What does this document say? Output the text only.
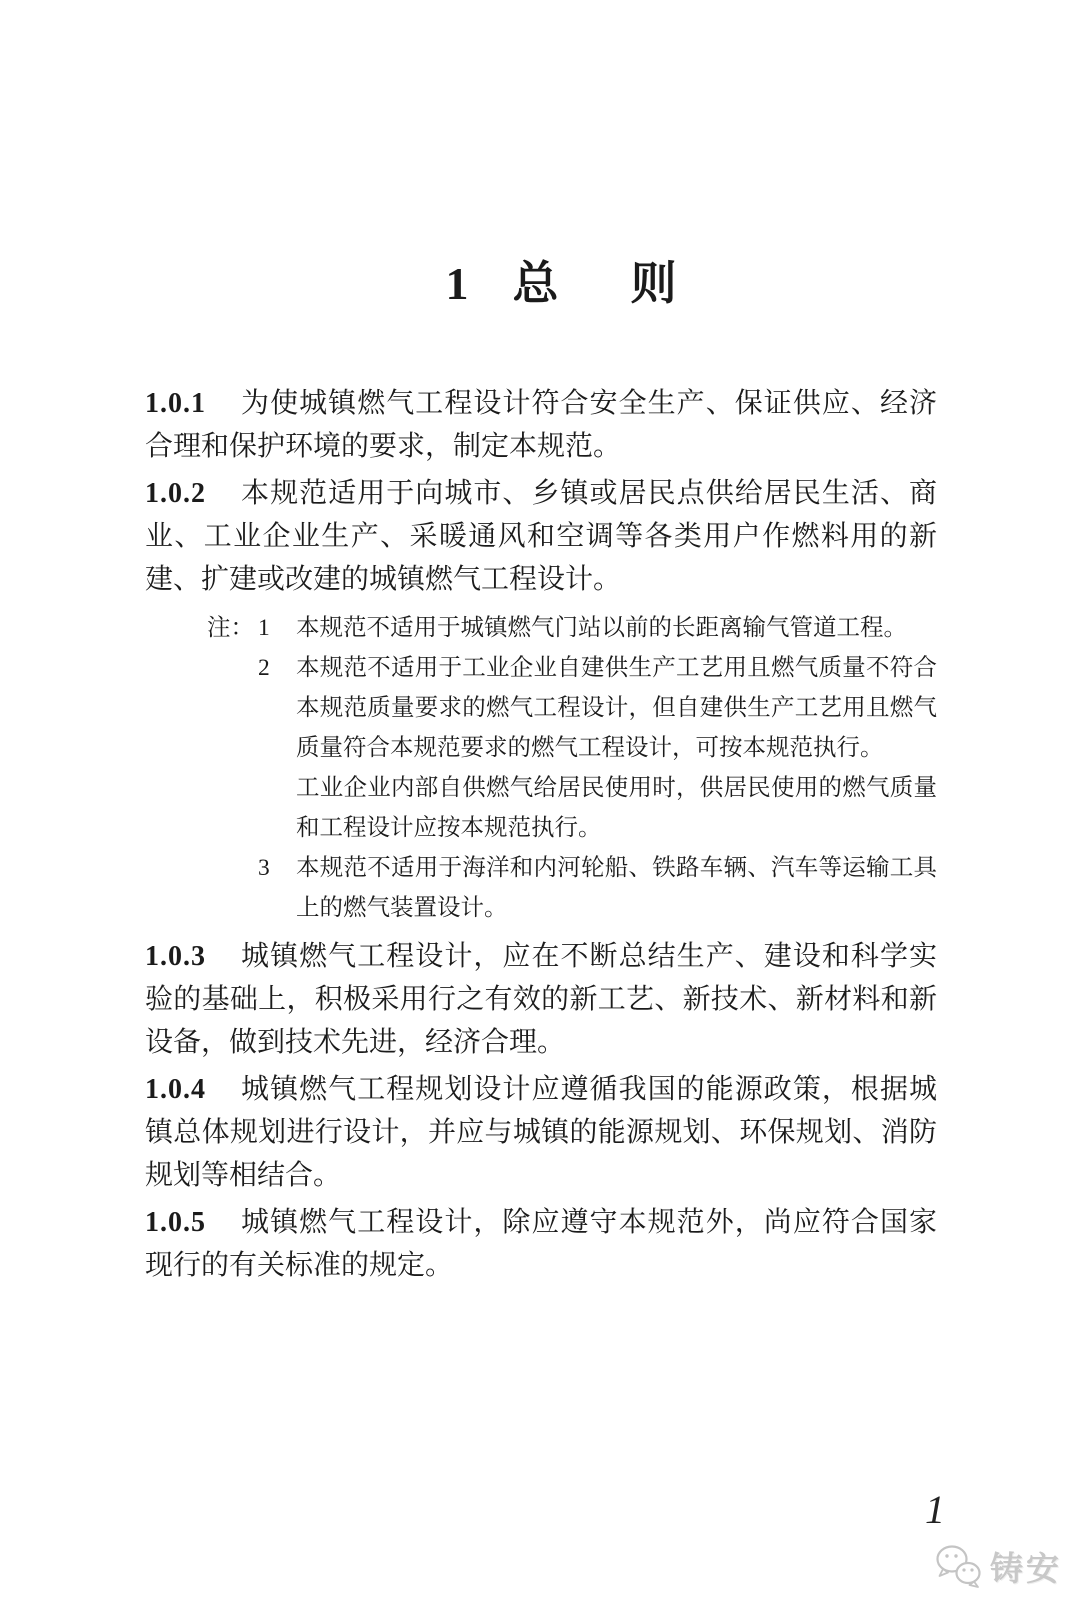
1 总 则

1.0.1 为使城镇燃气工程设计符合安全生产、保证供应、经济合理和保护环境的要求，制定本规范。

1.0.2 本规范适用于向城市、乡镇或居民点供给居民生活、商业、工业企业生产、采暖通风和空调等各类用户作燃料用的新建、扩建或改建的城镇燃气工程设计。

注： 1 本规范不适用于城镇燃气门站以前的长距离输气管道工程。

2 本规范不适用于工业企业自建供生产工艺用且燃气质量不符合本规范质量要求的燃气工程设计，但自建供生产工艺用且燃气质量符合本规范要求的燃气工程设计，可按本规范执行。

工业企业内部自供燃气给居民使用时，供居民使用的燃气质量和工程设计应按本规范执行。

3 本规范不适用于海洋和内河轮船、铁路车辆、汽车等运输工具上的燃气装置设计。

1.0.3 城镇燃气工程设计，应在不断总结生产、建设和科学实验的基础上，积极采用行之有效的新工艺、新技术、新材料和新设备，做到技术先进，经济合理。

1.0.4 城镇燃气工程规划设计应遵循我国的能源政策，根据城镇总体规划进行设计，并应与城镇的能源规划、环保规划、消防规划等相结合。

1.0.5 城镇燃气工程设计，除应遵守本规范外，尚应符合国家现行的有关标准的规定。

1
铸安
